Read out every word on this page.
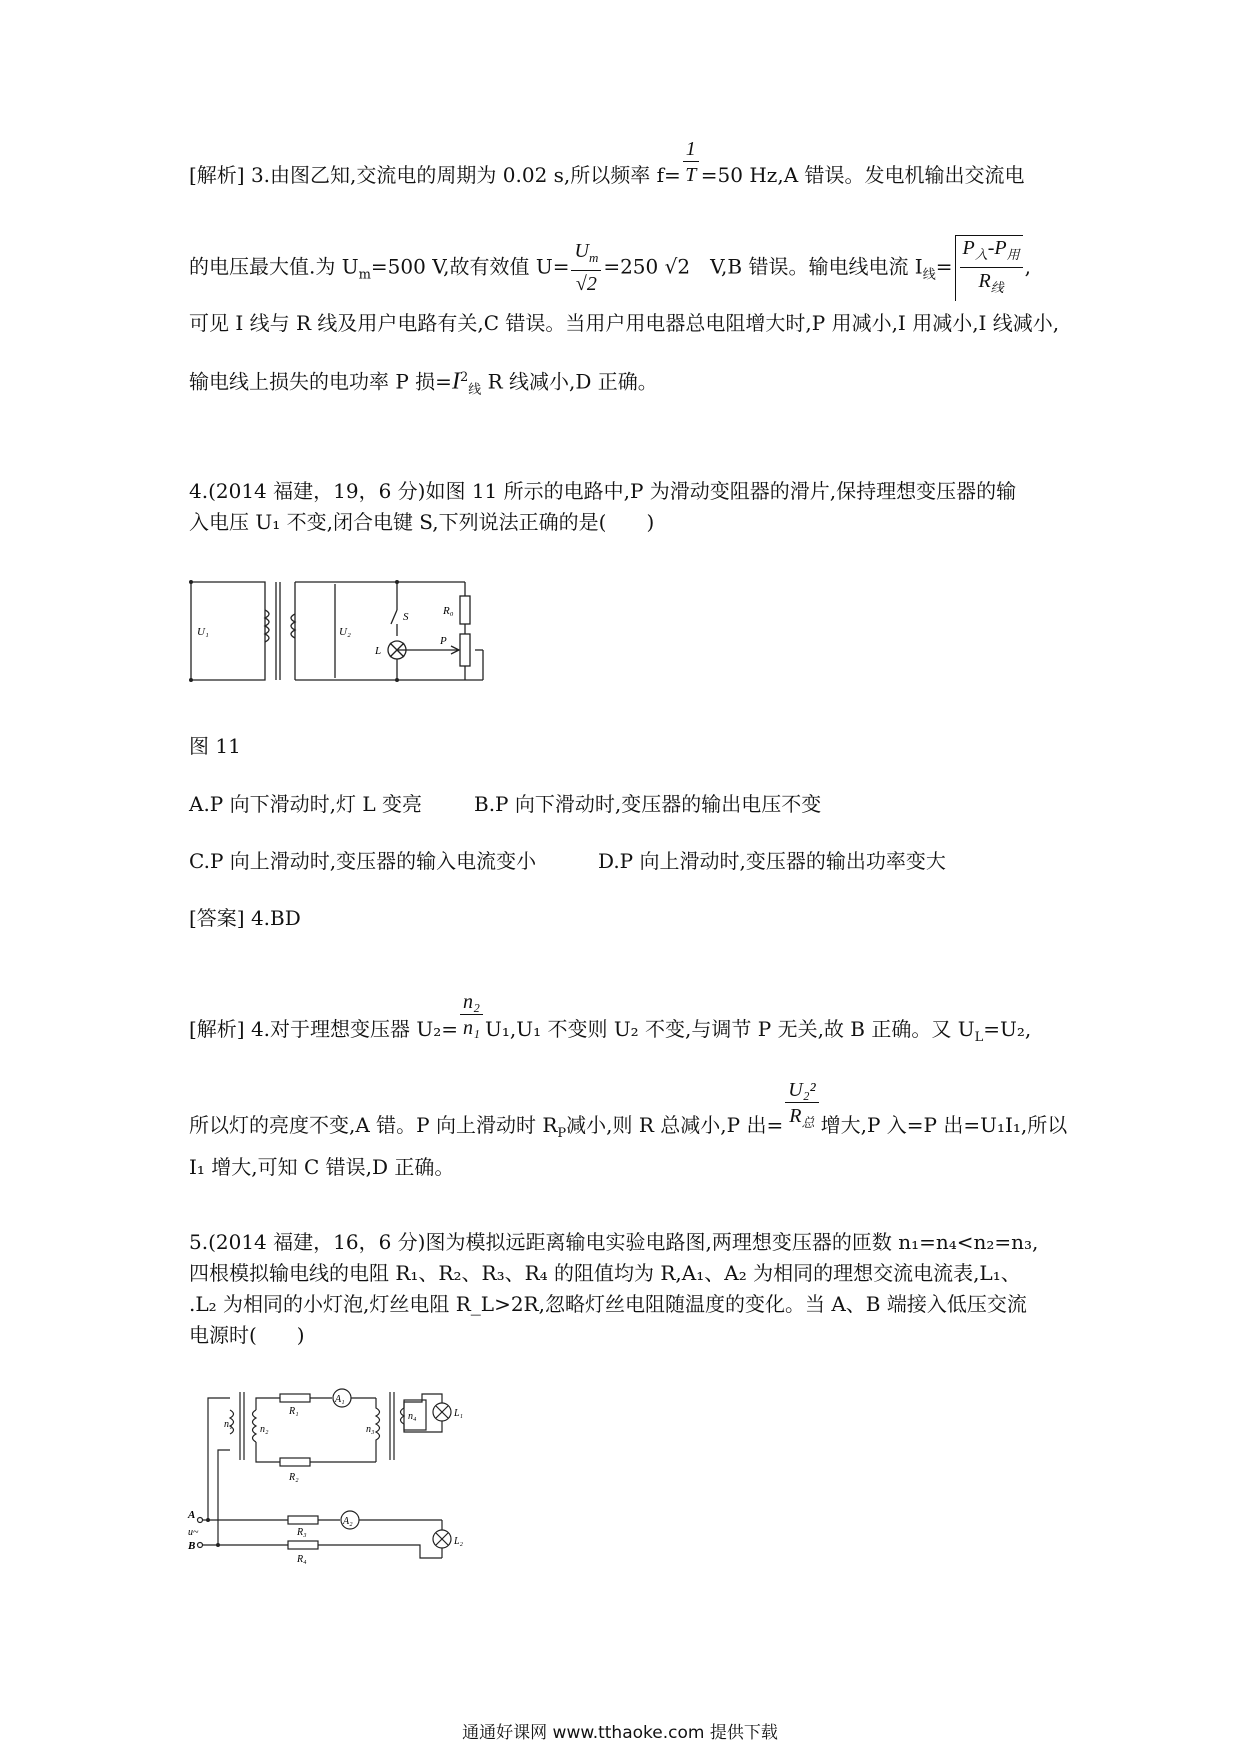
[解析] 3.由图乙知,交流电的周期为 0.02 s,所以频率 $f= \frac{1}{T} =50$ Hz,A 错误。发电机输出交流电
的电压最大值.为 $U_m=500$ V,故有效值 $U= \frac{U_m}{√2} =250$ √2　 V,B 错误。输电线电流 $I_线= \frac{P_入-P_用}{R_线}$ ,
可见 I 线与 R 线及用户电路有关,C 错误。当用户用电器总电阻增大时,P 用减小,I 用减小,I 线减小,
输电线上损失的电功率 P 损$=I^2_线$ R 线减小,D 正确。
4.(2014 福建，19，6 分)如图 11 所示的电路中,P 为滑动变阻器的滑片,保持理想变压器的输
入电压 U₁ 不变,闭合电键 S,下列说法正确的是(　　)
U₁	U₂
S	R₀
P
L
图 11
A.P 向下滑动时,灯 L 变亮	B.P 向下滑动时,变压器的输出电压不变
C.P 向上滑动时,变压器的输入电流变小	D.P 向上滑动时,变压器的输出功率变大
[答案] 4.BD
[解析] 4.对于理想变压器 $U_2= \frac{\text{n₂}}{\text{n₁}} U_1,U_1$ 不变则 U₂ 不变,与调节 P 无关,故 B 正确。又 $U_L=U_2$,
所以灯的亮度不变,A 错。P 向上滑动时 $R_P$减小,则 R 总减小,P 出= $\frac{\text{U₂²}}{R_总}$ 增大,P 入=P 出=U₁I₁,所以
I₁ 增大,可知 C 错误,D 正确。
5.(2014 福建，16，6 分)图为模拟远距离输电实验电路图,两理想变压器的匝数 n₁=n₄<n₂=n₃,
四根模拟输电线的电阻 R₁、R₂、R₃、R₄ 的阻值均为 R,A₁、A₂ 为相同的理想交流电流表,L₁、
.L₂ 为相同的小灯泡,灯丝电阻 R_L>2R,忽略灯丝电阻随温度的变化。当 A、B 端接入低压交流
电源时(　　)
n₁	n₂	n₃
n₄
R₁
R₂
R₃
R₄
A₁
A₂
L₁
L₂
A
B
u~
通通好课网 www.tthaoke.com 提供下载
